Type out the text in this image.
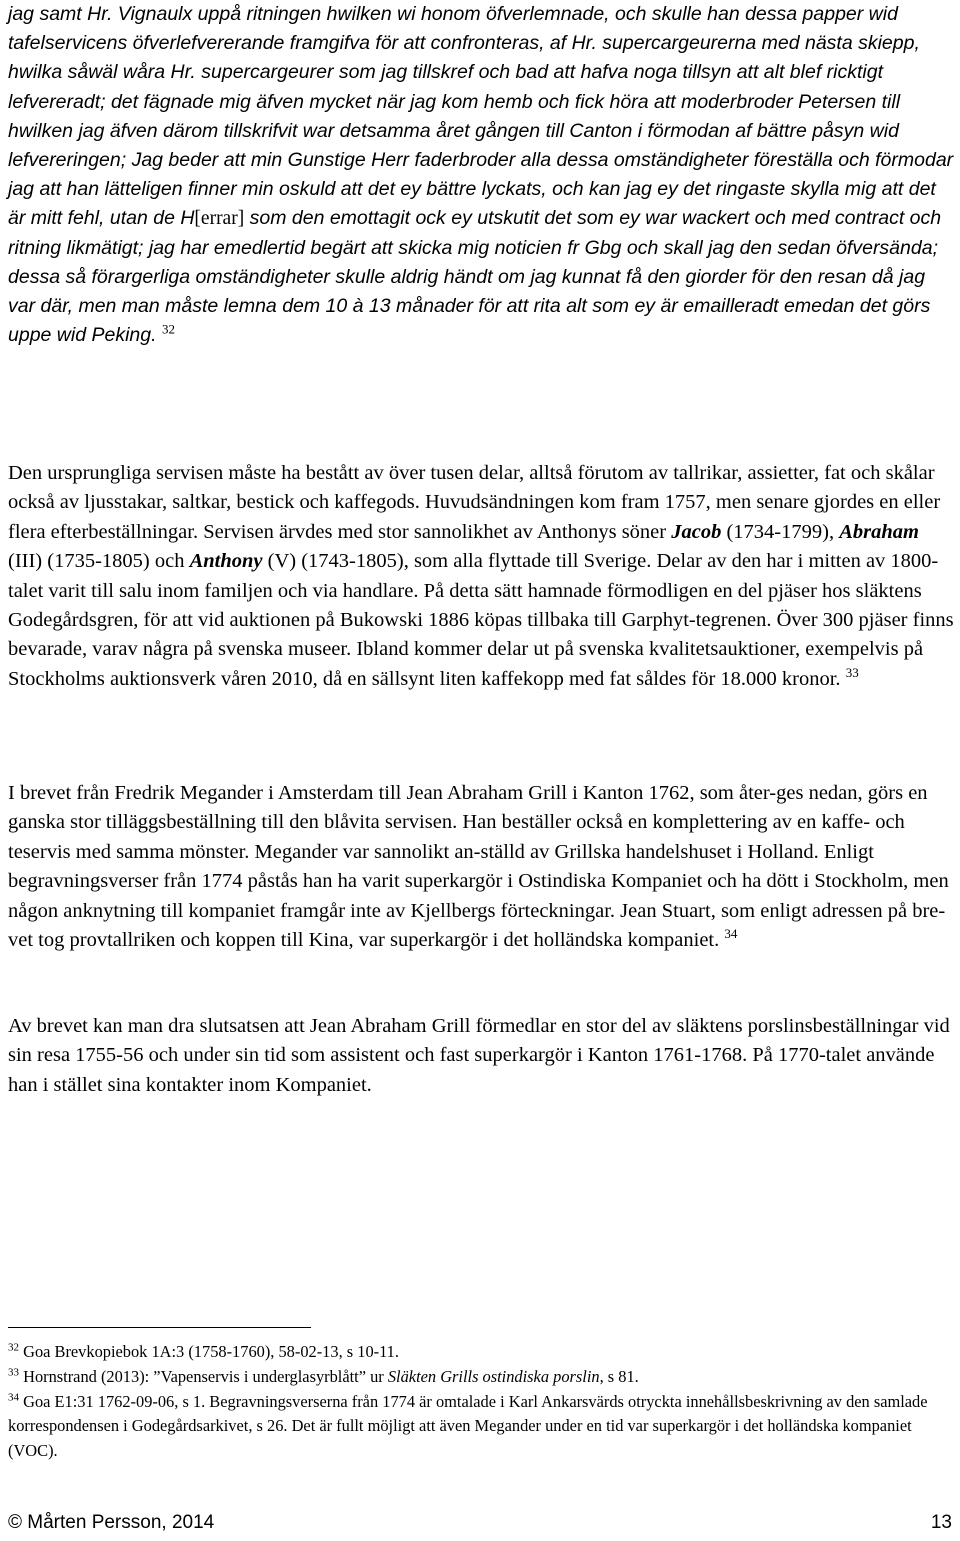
jag samt Hr. Vignaulx uppå ritningen hwilken wi honom öfverlemnade, och skulle han dessa papper wid tafelservicens öfverlefvererande framgifva för att confronteras, af Hr. supercargeurerna med nästa skiepp, hwilka såwäl wåra Hr. supercargeurer som jag tillskref och bad att hafva noga tillsyn att alt blef ricktigt lefvereradt; det fägnade mig äfven mycket när jag kom hemb och fick höra att moderbroder Petersen till hwilken jag äfven därom tillskrifvit war detsamma året gången till Canton i förmodan af bättre påsyn wid lefvereringen; Jag beder att min Gunstige Herr faderbroder alla dessa omständigheter föreställa och förmodar jag att han lätteligen finner min oskuld att det ey bättre lyckats, och kan jag ey det ringaste skylla mig att det är mitt fehl, utan de H[errar] som den emottagit ock ey utskutit det som ey war wackert och med contract och ritning likmätigt; jag har emedlertid begärt att skicka mig noticien fr Gbg och skall jag den sedan öfversända; dessa så förargerliga omständigheter skulle aldrig händt om jag kunnat få den giorder för den resan då jag var där, men man måste lemna dem 10 à 13 månader för att rita alt som ey är emailleradt emedan det görs uppe wid Peking. $^{32}$

Den ursprungliga servisen måste ha bestått av över tusen delar, alltså förutom av tallrikar, assietter, fat och skålar också av ljusstakar, saltkar, bestick och kaffegods. Huvudsändningen kom fram 1757, men senare gjordes en eller flera efterbeställningar. Servisen ärvdes med stor sannolikhet av Anthonys söner Jacob (1734-1799), Abraham (III) (1735-1805) och Anthony (V) (1743-1805), som alla flyttade till Sverige. Delar av den har i mitten av 1800-talet varit till salu inom familjen och via handlare. På detta sätt hamnade förmodligen en del pjäser hos släktens Godegårdsgren, för att vid auktionen på Bukowski 1886 köpas tillbaka till Garphyt-tegrenen. Över 300 pjäser finns bevarade, varav några på svenska museer. Ibland kommer delar ut på svenska kvalitetsauktioner, exempelvis på Stockholms auktionsverk våren 2010, då en sällsynt liten kaffekopp med fat såldes för 18.000 kronor. $^{33}$

I brevet från Fredrik Megander i Amsterdam till Jean Abraham Grill i Kanton 1762, som åter-ges nedan, görs en ganska stor tilläggsbeställning till den blåvita servisen. Han beställer också en komplettering av en kaffe- och teservis med samma mönster. Megander var sannolikt an-ställd av Grillska handelshuset i Holland. Enligt begravningsverser från 1774 påstås han ha varit superkargör i Ostindiska Kompaniet och ha dött i Stockholm, men någon anknytning till kompaniet framgår inte av Kjellbergs förteckningar. Jean Stuart, som enligt adressen på bre-vet tog provtallriken och koppen till Kina, var superkargör i det holländska kompaniet. $^{34}$

Av brevet kan man dra slutsatsen att Jean Abraham Grill förmedlar en stor del av släktens porslinsbeställningar vid sin resa 1755-56 och under sin tid som assistent och fast superkargör i Kanton 1761-1768. På 1770-talet använde han i stället sina kontakter inom Kompaniet.

$^{32}$ Goa Brevkopiebok 1A:3 (1758-1760), 58-02-13, s 10-11.

$^{33}$ Hornstrand (2013): ”Vapenservis i underglasyrblått” ur Släkten Grills ostindiska porslin, s 81.

$^{34}$ Goa E1:31 1762-09-06, s 1. Begravningsverserna från 1774 är omtalade i Karl Ankarsvärds otryckta innehållsbeskrivning av den samlade korrespondensen i Godegårdsarkivet, s 26. Det är fullt möjligt att även Megander under en tid var superkargör i det holländska kompaniet (VOC).

© Mårten Persson, 2014	13
